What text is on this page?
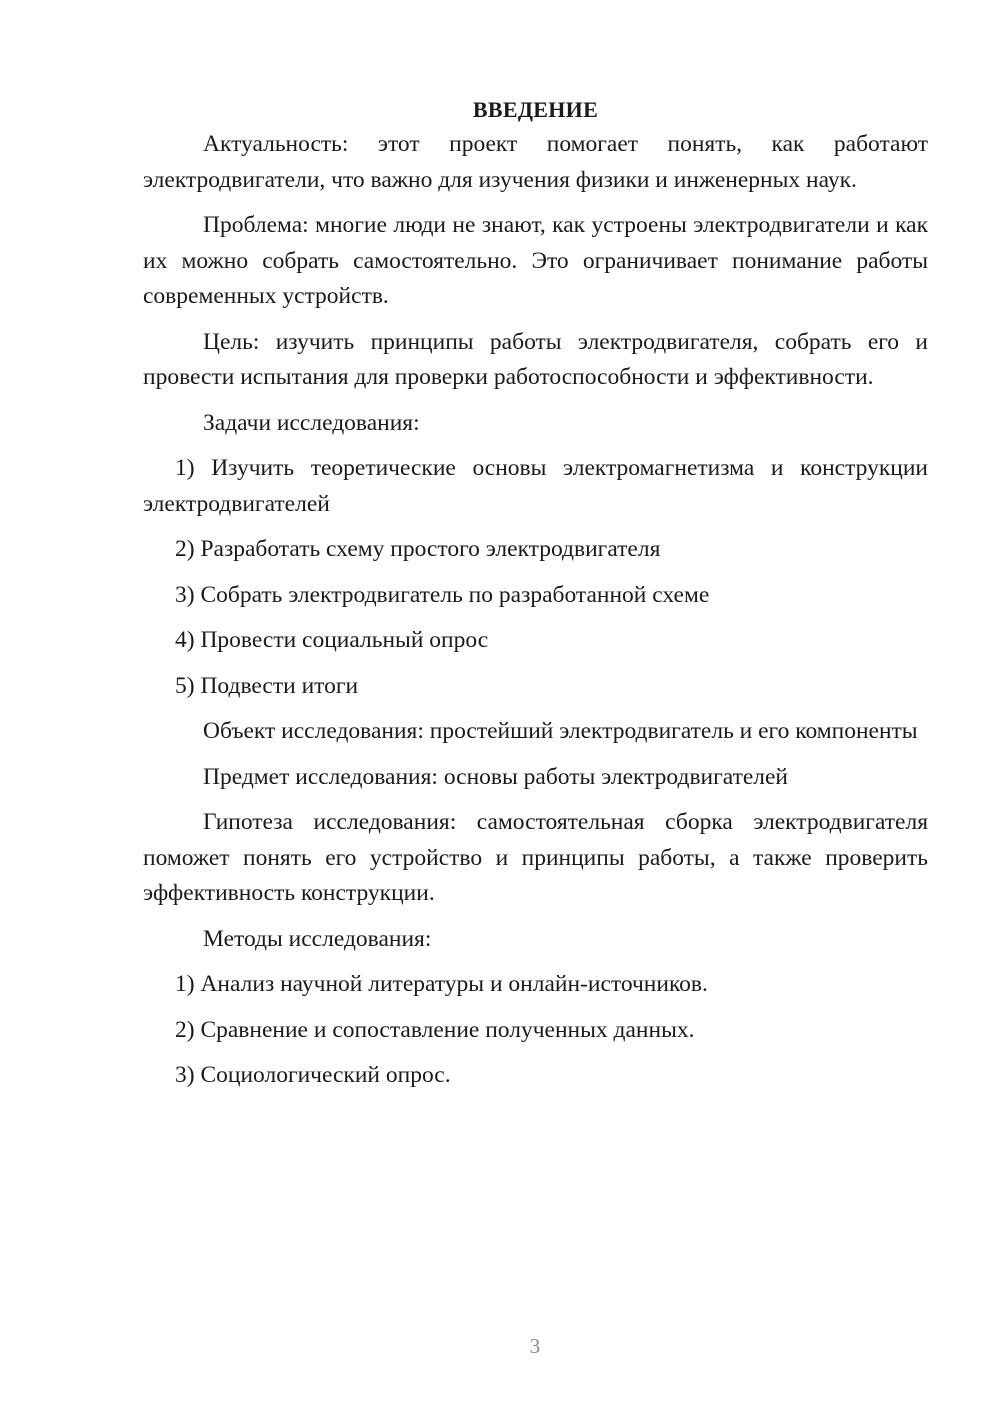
ВВЕДЕНИЕ

Актуальность: этот проект помогает понять, как работают электродвигатели, что важно для изучения физики и инженерных наук.

Проблема: многие люди не знают, как устроены электродвигатели и как их можно собрать самостоятельно. Это ограничивает понимание работы современных устройств.

Цель: изучить принципы работы электродвигателя, собрать его и провести испытания для проверки работоспособности и эффективности.

Задачи исследования:

1) Изучить теоретические основы электромагнетизма и конструкции электродвигателей

2) Разработать схему простого электродвигателя

3) Собрать электродвигатель по разработанной схеме

4) Провести социальный опрос

5) Подвести итоги

Объект исследования: простейший электродвигатель и его компоненты

Предмет исследования: основы работы электродвигателей

Гипотеза исследования: самостоятельная сборка электродвигателя поможет понять его устройство и принципы работы, а также проверить эффективность конструкции.

Методы исследования:

1) Анализ научной литературы и онлайн-источников.

2) Сравнение и сопоставление полученных данных.

3) Социологический опрос.

3
